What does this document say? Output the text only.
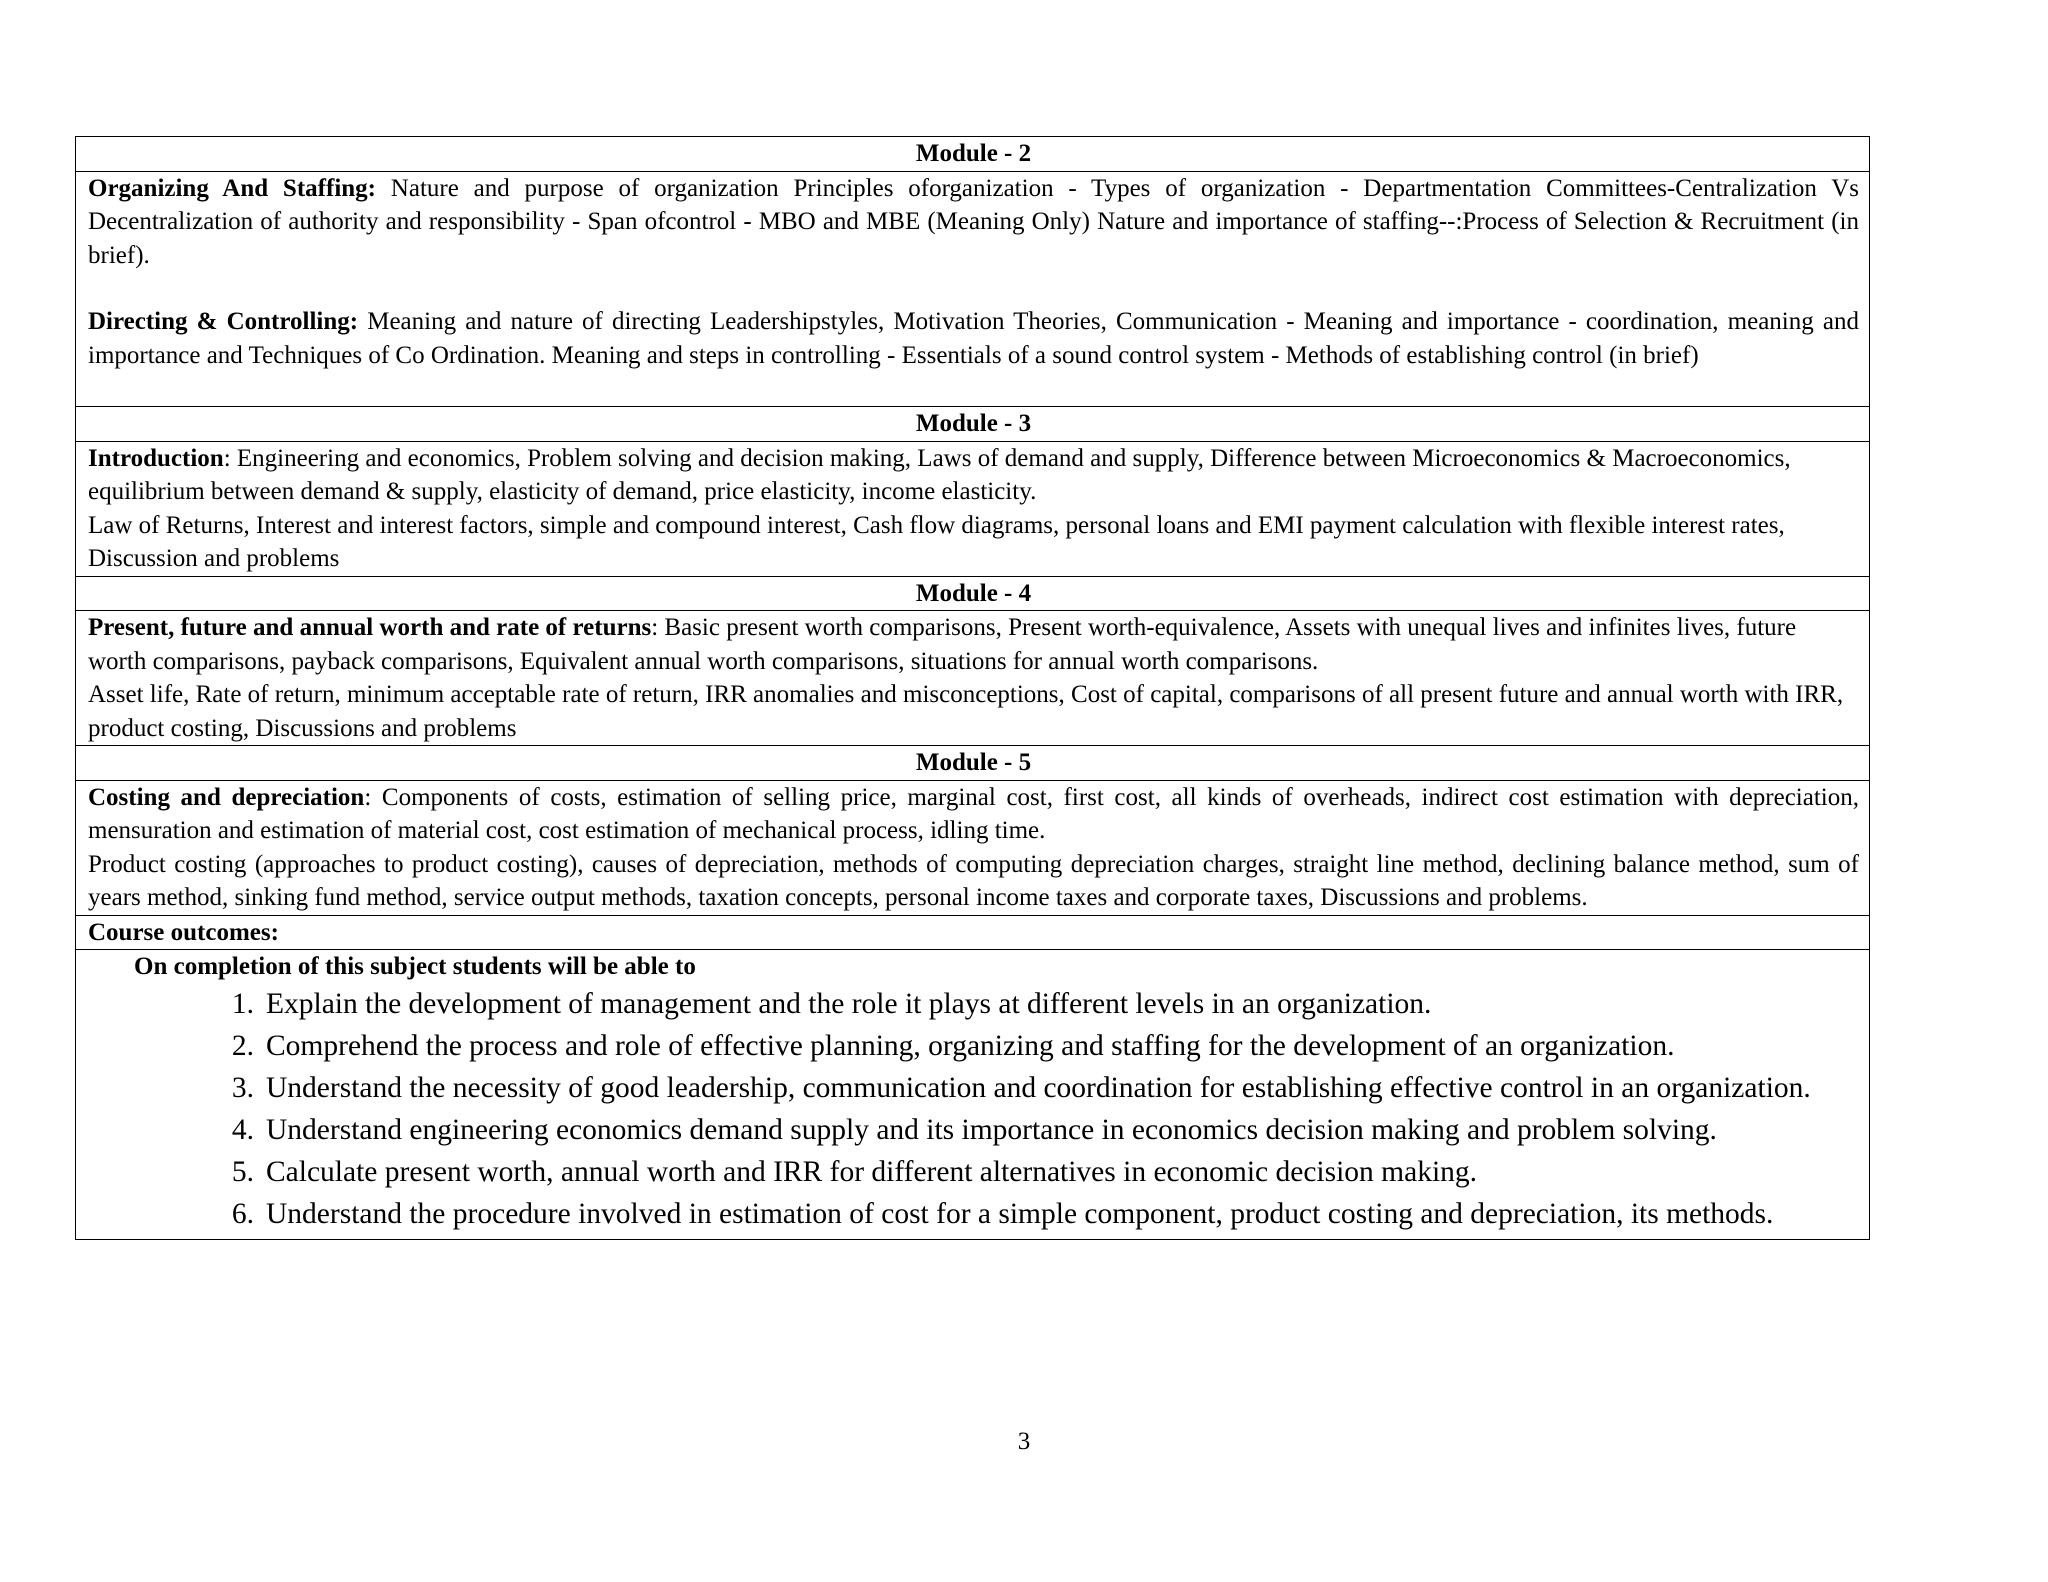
Module - 2

Organizing And Staffing: Nature and purpose of organization Principles oforganization - Types of organization - Departmentation Committees-Centralization Vs Decentralization of authority and responsibility - Span ofcontrol - MBO and MBE (Meaning Only) Nature and importance of staffing--:Process of Selection & Recruitment (in brief).

Directing & Controlling: Meaning and nature of directing Leadershipstyles, Motivation Theories, Communication - Meaning and importance - coordination, meaning and importance and Techniques of Co Ordination. Meaning and steps in controlling - Essentials of a sound control system - Methods of establishing control (in brief)

Module - 3

Introduction: Engineering and economics, Problem solving and decision making, Laws of demand and supply, Difference between Microeconomics & Macroeconomics, equilibrium between demand & supply, elasticity of demand, price elasticity, income elasticity.

Law of Returns, Interest and interest factors, simple and compound interest, Cash flow diagrams, personal loans and EMI payment calculation with flexible interest rates, Discussion and problems

Module - 4

Present, future and annual worth and rate of returns: Basic present worth comparisons, Present worth-equivalence, Assets with unequal lives and infinites lives, future worth comparisons, payback comparisons, Equivalent annual worth comparisons, situations for annual worth comparisons.

Asset life, Rate of return, minimum acceptable rate of return, IRR anomalies and misconceptions, Cost of capital, comparisons of all present future and annual worth with IRR, product costing, Discussions and problems

Module - 5

Costing and depreciation: Components of costs, estimation of selling price, marginal cost, first cost, all kinds of overheads, indirect cost estimation with depreciation, mensuration and estimation of material cost, cost estimation of mechanical process, idling time.

Product costing (approaches to product costing), causes of depreciation, methods of computing depreciation charges, straight line method, declining balance method, sum of years method, sinking fund method, service output methods, taxation concepts, personal income taxes and corporate taxes, Discussions and problems.

Course outcomes:

On completion of this subject students will be able to

1. Explain the development of management and the role it plays at different levels in an organization.
2. Comprehend the process and role of effective planning, organizing and staffing for the development of an organization.
3. Understand the necessity of good leadership, communication and coordination for establishing effective control in an organization.
4. Understand engineering economics demand supply and its importance in economics decision making and problem solving.
5. Calculate present worth, annual worth and IRR for different alternatives in economic decision making.
6. Understand the procedure involved in estimation of cost for a simple component, product costing and depreciation, its methods.
3
